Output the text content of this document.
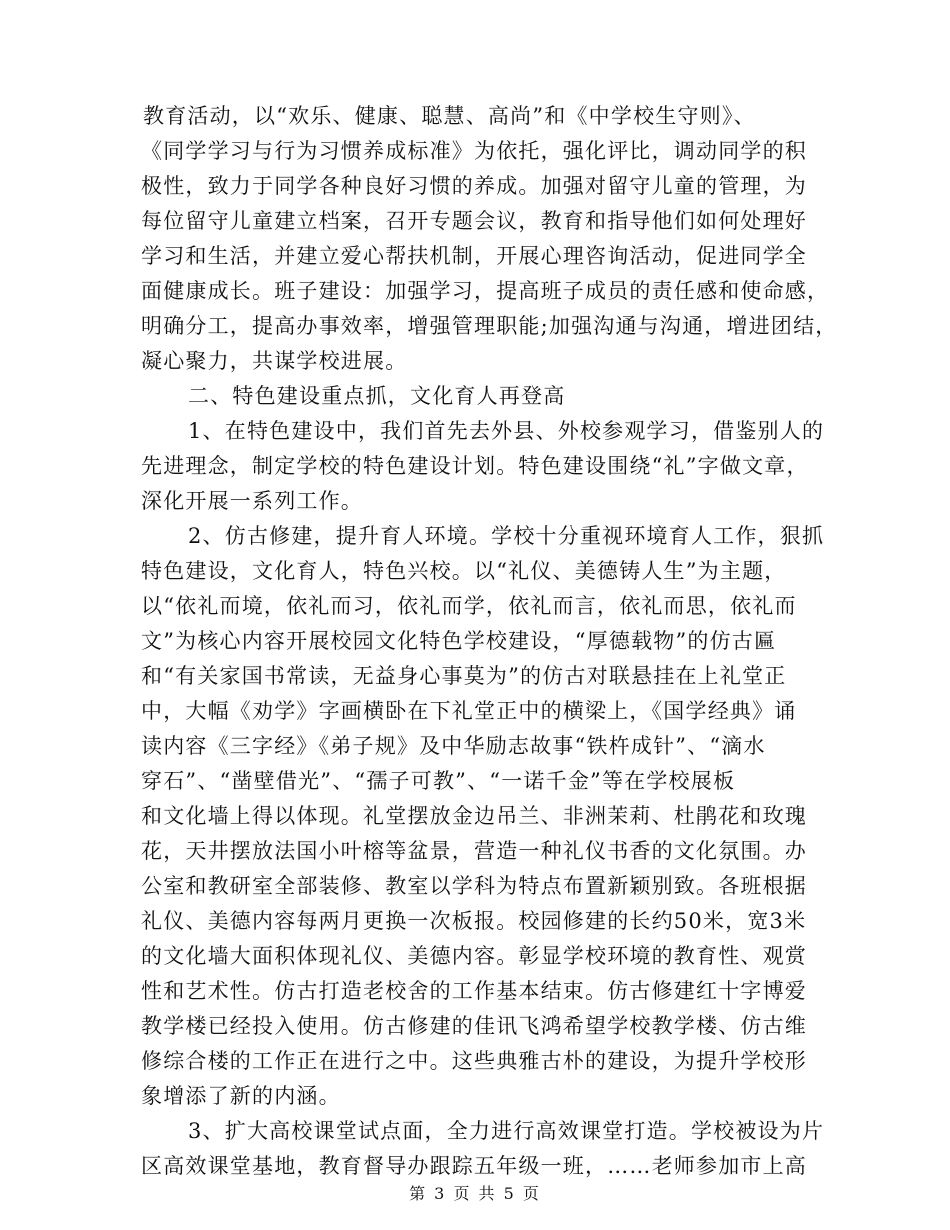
教育活动，以“欢乐、健康、聪慧、高尚”和《中学校生守则》、
《同学学习与行为习惯养成标准》为依托，强化评比，调动同学的积
极性，致力于同学各种良好习惯的养成。加强对留守儿童的管理，为
每位留守儿童建立档案，召开专题会议，教育和指导他们如何处理好
学习和生活，并建立爱心帮扶机制，开展心理咨询活动，促进同学全
面健康成长。班子建设：加强学习，提高班子成员的责任感和使命感，
明确分工，提高办事效率，增强管理职能;加强沟通与沟通，增进团结，
凝心聚力，共谋学校进展。
二、特色建设重点抓，文化育人再登高
1、在特色建设中，我们首先去外县、外校参观学习，借鉴别人的
先进理念，制定学校的特色建设计划。特色建设围绕“礼”字做文章，
深化开展一系列工作。
2、仿古修建，提升育人环境。学校十分重视环境育人工作，狠抓
特色建设，文化育人，特色兴校。以“礼仪、美德铸人生”为主题，
以“依礼而境，依礼而习，依礼而学，依礼而言，依礼而思，依礼而
文”为核心内容开展校园文化特色学校建设，“厚德载物”的仿古匾
和“有关家国书常读，无益身心事莫为”的仿古对联悬挂在上礼堂正
中，大幅《劝学》字画横卧在下礼堂正中的横梁上，《国学经典》诵
读内容《三字经》《弟子规》及中华励志故事“铁杵成针”、“滴水
穿石”、“凿壁借光”、“孺子可教”、“一诺千金”等在学校展板
和文化墙上得以体现。礼堂摆放金边吊兰、非洲茉莉、杜鹃花和玫瑰
花，天井摆放法国小叶榕等盆景，营造一种礼仪书香的文化氛围。办
公室和教研室全部装修、教室以学科为特点布置新颖别致。各班根据
礼仪、美德内容每两月更换一次板报。校园修建的长约50米，宽3米
的文化墙大面积体现礼仪、美德内容。彰显学校环境的教育性、观赏
性和艺术性。仿古打造老校舍的工作基本结束。仿古修建红十字博爱
教学楼已经投入使用。仿古修建的佳讯飞鸿希望学校教学楼、仿古维
修综合楼的工作正在进行之中。这些典雅古朴的建设，为提升学校形
象增添了新的内涵。
3、扩大高校课堂试点面，全力进行高效课堂打造。学校被设为片
区高效课堂基地，教育督导办跟踪五年级一班，……老师参加市上高
第 3 页 共 5 页
